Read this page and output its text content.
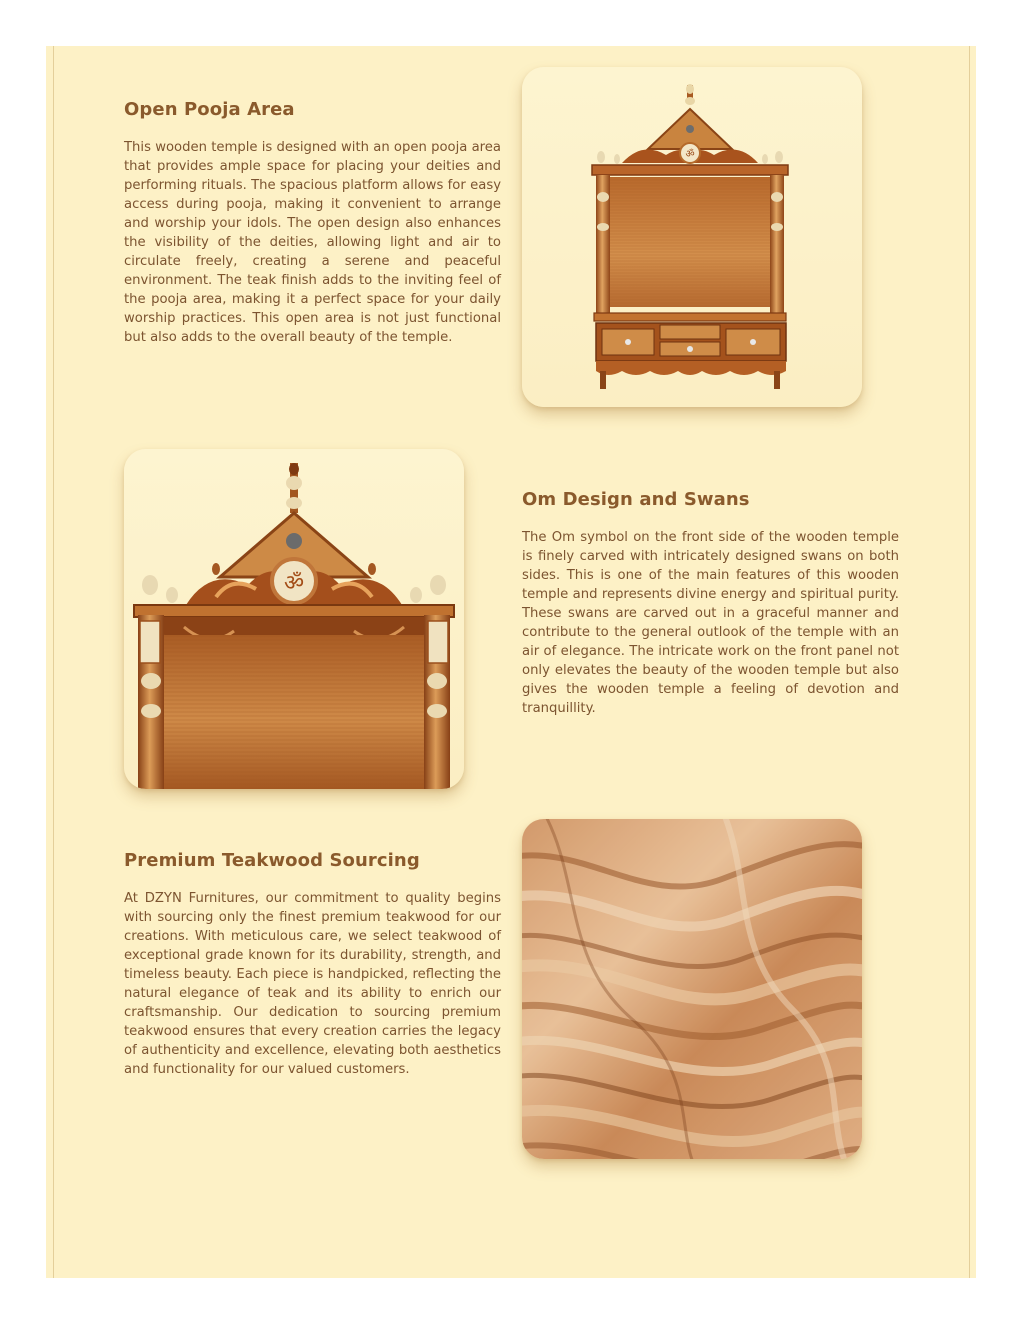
Open Pooja Area

This wooden temple is designed with an open pooja area that provides ample space for placing your deities and performing rituals. The spacious platform allows for easy access during pooja, making it convenient to arrange and worship your idols. The open design also enhances the visibility of the deities, allowing light and air to circulate freely, creating a serene and peaceful environment. The teak finish adds to the inviting feel of the pooja area, making it a perfect space for your daily worship practices. This open area is not just functional but also adds to the overall beauty of the temple.

ॐ
ॐ
Om Design and Swans

The Om symbol on the front side of the wooden temple is finely carved with intricately designed swans on both sides. This is one of the main features of this wooden temple and represents divine energy and spiritual purity. These swans are carved out in a graceful manner and contribute to the general outlook of the temple with an air of elegance. The intricate work on the front panel not only elevates the beauty of the wooden temple but also gives the wooden temple a feeling of devotion and tranquillity.

Premium Teakwood Sourcing

At DZYN Furnitures, our commitment to quality begins with sourcing only the finest premium teakwood for our creations. With meticulous care, we select teakwood of exceptional grade known for its durability, strength, and timeless beauty. Each piece is handpicked, reflecting the natural elegance of teak and its ability to enrich our craftsmanship. Our dedication to sourcing premium teakwood ensures that every creation carries the legacy of authenticity and excellence, elevating both aesthetics and functionality for our valued customers.
